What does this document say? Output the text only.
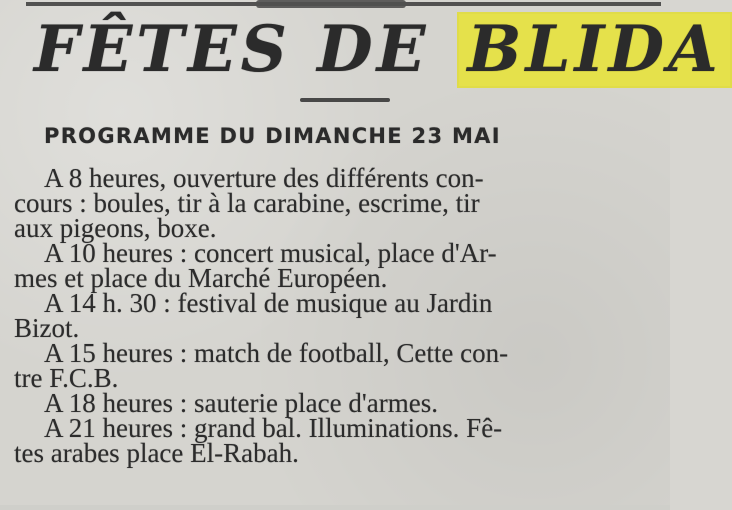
FÊTES DE BLIDA
PROGRAMME DU DIMANCHE 23 MAI
A 8 heures, ouverture des différents con-
cours : boules, tir à la carabine, escrime, tir
aux pigeons, boxe.
A 10 heures : concert musical, place d'Ar-
mes et place du Marché Européen.
A 14 h. 30 : festival de musique au Jardin
Bizot.
A 15 heures : match de football, Cette con-
tre F.C.B.
A 18 heures : sauterie place d'armes.
A 21 heures : grand bal. Illuminations. Fê-
tes arabes place El-Rabah.
